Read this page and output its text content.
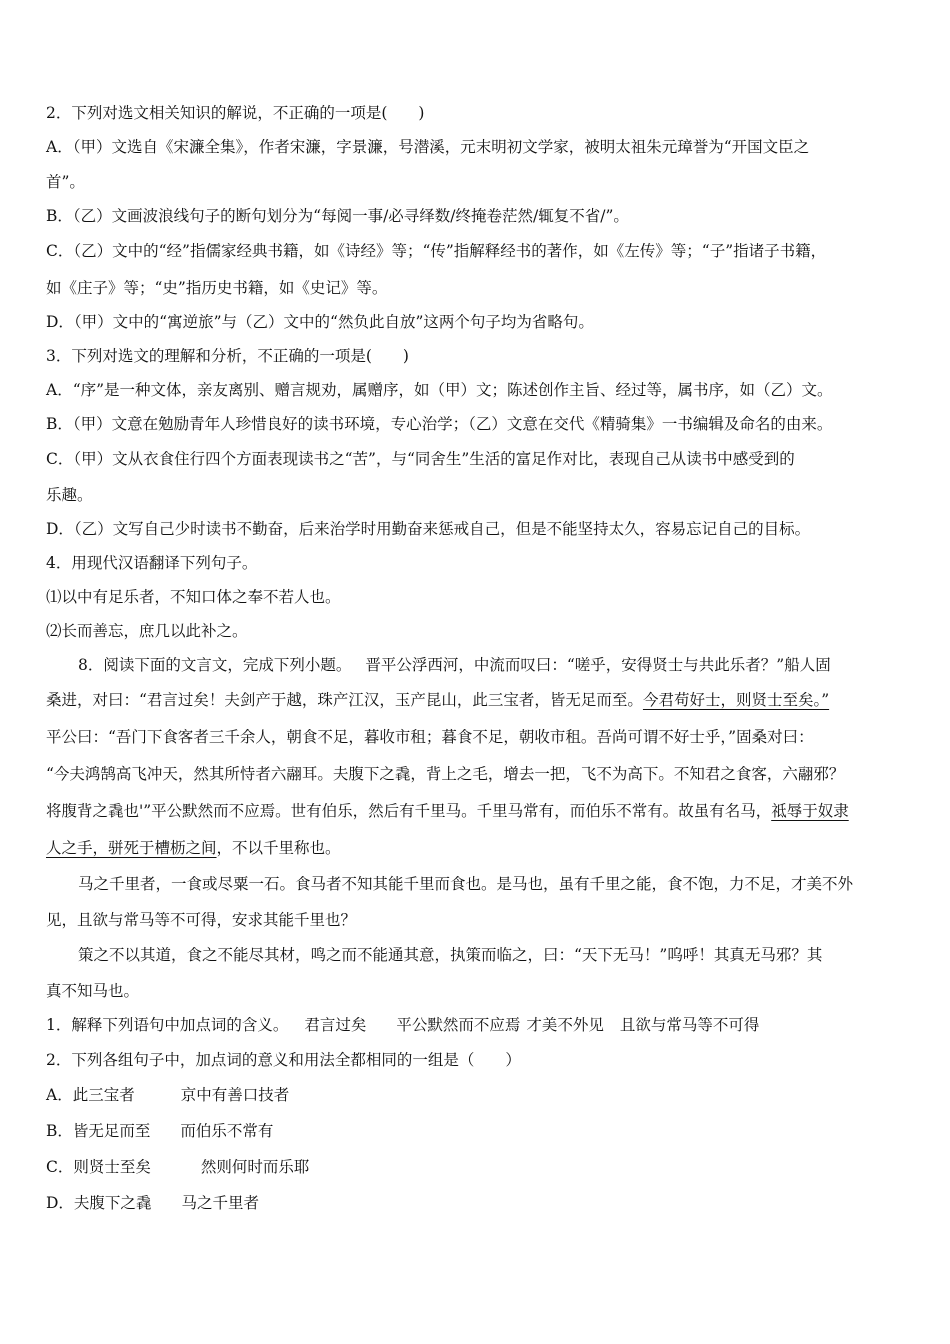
2．下列对选文相关知识的解说，不正确的一项是(　　)
A．（甲）文选自《宋濂全集》，作者宋濂，字景濂，号潜溪，元末明初文学家，被明太祖朱元璋誉为“开国文臣之
首”。
B．（乙）文画波浪线句子的断句划分为“每阅一事/必寻绎数/终掩卷茫然/辄复不省/”。
C．（乙）文中的“经”指儒家经典书籍，如《诗经》等；“传”指解释经书的著作，如《左传》等；“子”指诸子书籍，
如《庄子》等；“史”指历史书籍，如《史记》等。
D．（甲）文中的“寓逆旅”与（乙）文中的“然负此自放”这两个句子均为省略句。
3．下列对选文的理解和分析，不正确的一项是(　　)
A．“序”是一种文体，亲友离别、赠言规劝，属赠序，如（甲）文；陈述创作主旨、经过等，属书序，如（乙）文。
B．（甲）文意在勉励青年人珍惜良好的读书环境，专心治学；（乙）文意在交代《精骑集》一书编辑及命名的由来。
C．（甲）文从衣食住行四个方面表现读书之“苦”，与“同舍生”生活的富足作对比，表现自己从读书中感受到的
乐趣。
D．（乙）文写自己少时读书不勤奋，后来治学时用勤奋来惩戒自己，但是不能坚持太久，容易忘记自己的目标。
4．用现代汉语翻译下列句子。
⑴以中有足乐者，不知口体之奉不若人也。
⑵长而善忘，庶几以此补之。
8．阅读下面的文言文，完成下列小题。 晋平公浮西河，中流而叹曰：“嗟乎，安得贤士与共此乐者？”船人固
桑进，对曰：“君言过矣！夫剑产于越，珠产江汉，玉产昆山，此三宝者，皆无足而至。今君苟好士，则贤士至矣。”
平公曰：“吾门下食客者三千余人，朝食不足，暮收市租；暮食不足，朝收市租。吾尚可谓不好士乎，”固桑对曰：
“今夫鸿鹄高飞冲天，然其所恃者六翮耳。夫腹下之毳，背上之毛，增去一把，飞不为高下。不知君之食客，六翮邪？
将腹背之毳也'”平公默然而不应焉。世有伯乐，然后有千里马。千里马常有，而伯乐不常有。故虽有名马，祗辱于奴隶
人之手，骈死于槽枥之间，不以千里称也。
马之千里者，一食或尽粟一石。食马者不知其能千里而食也。是马也，虽有千里之能，食不饱，力不足，才美不外
见，且欲与常马等不可得，安求其能千里也？
策之不以其道，食之不能尽其材，鸣之而不能通其意，执策而临之，曰：“天下无马！”呜呼！其真无马邪？其
真不知马也。
1．解释下列语句中加点词的含义。 君言过矣 平公默然而不应焉 才美不外见 且欲与常马等不可得
2．下列各组句子中，加点词的意义和用法全都相同的一组是（　　）
A．此三宝者	京中有善口技者
B．皆无足而至 而伯乐不常有
C．则贤士至矣	然则何时而乐耶
D．夫腹下之毳 马之千里者
